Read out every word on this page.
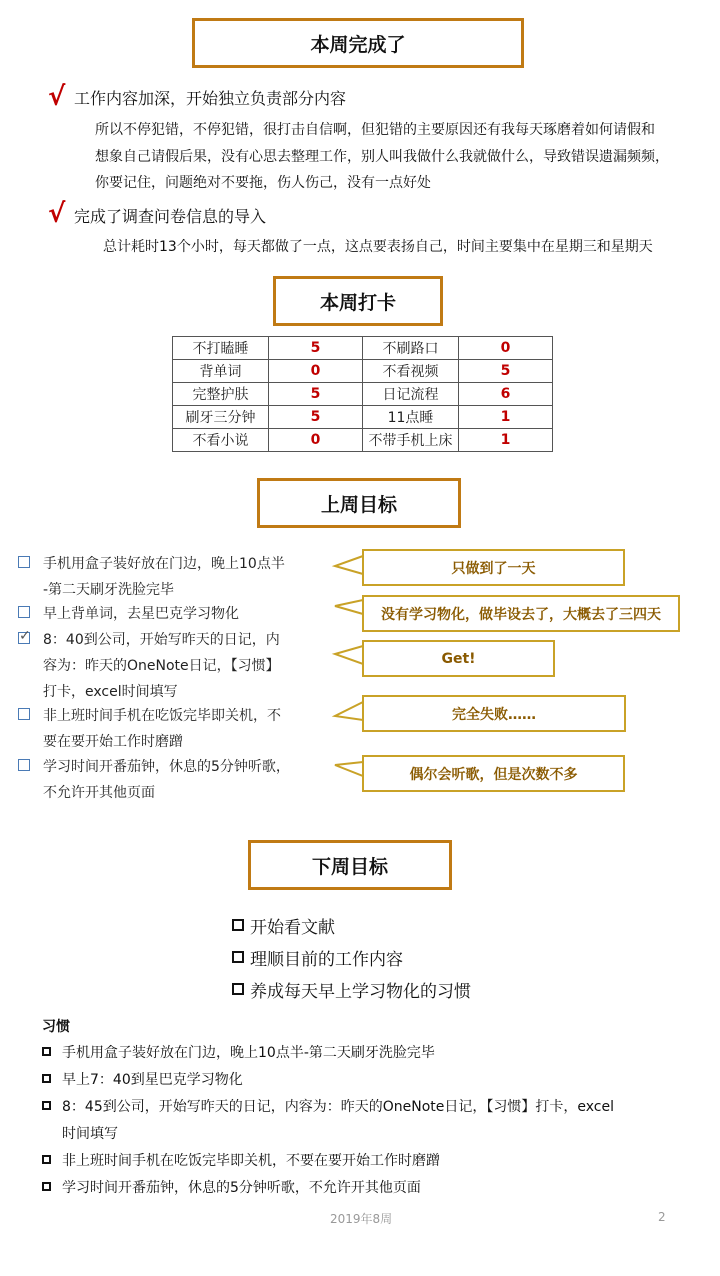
本周完成了
√ 工作内容加深，开始独立负责部分内容
所以不停犯错，不停犯错，很打击自信啊，但犯错的主要原因还有我每天琢磨着如何请假和
想象自己请假后果，没有心思去整理工作，别人叫我做什么我就做什么，导致错误遗漏频频，
你要记住，问题绝对不要拖，伤人伤己，没有一点好处
√ 完成了调查问卷信息的导入
总计耗时13个小时，每天都做了一点，这点要表扬自己，时间主要集中在星期三和星期天
本周打卡
不打瞌睡	5	不刷路口	0
背单词	0	不看视频	5
完整护肤	5	日记流程	6
刷牙三分钟	5	11点睡	1
不看小说	0	不带手机上床	1
上周目标
手机用盒子装好放在门边，晚上10点半
-第二天刷牙洗脸完毕
早上背单词，去星巴克学习物化
✓ 8：40到公司，开始写昨天的日记，内
容为：昨天的OneNote日记，【习惯】
打卡，excel时间填写
非上班时间手机在吃饭完毕即关机，不
要在要开始工作时磨蹭
学习时间开番茄钟，休息的5分钟听歌，
不允许开其他页面
只做到了一天
没有学习物化，做毕设去了，大概去了三四天
Get!
完全失败……
偶尔会听歌，但是次数不多
下周目标
开始看文献
理顺目前的工作内容
养成每天早上学习物化的习惯
习惯
手机用盒子装好放在门边，晚上10点半-第二天刷牙洗脸完毕
早上7：40到星巴克学习物化
8：45到公司，开始写昨天的日记，内容为：昨天的OneNote日记，【习惯】打卡，excel
时间填写
非上班时间手机在吃饭完毕即关机，不要在要开始工作时磨蹭
学习时间开番茄钟，休息的5分钟听歌，不允许开其他页面
2019年8周	2
